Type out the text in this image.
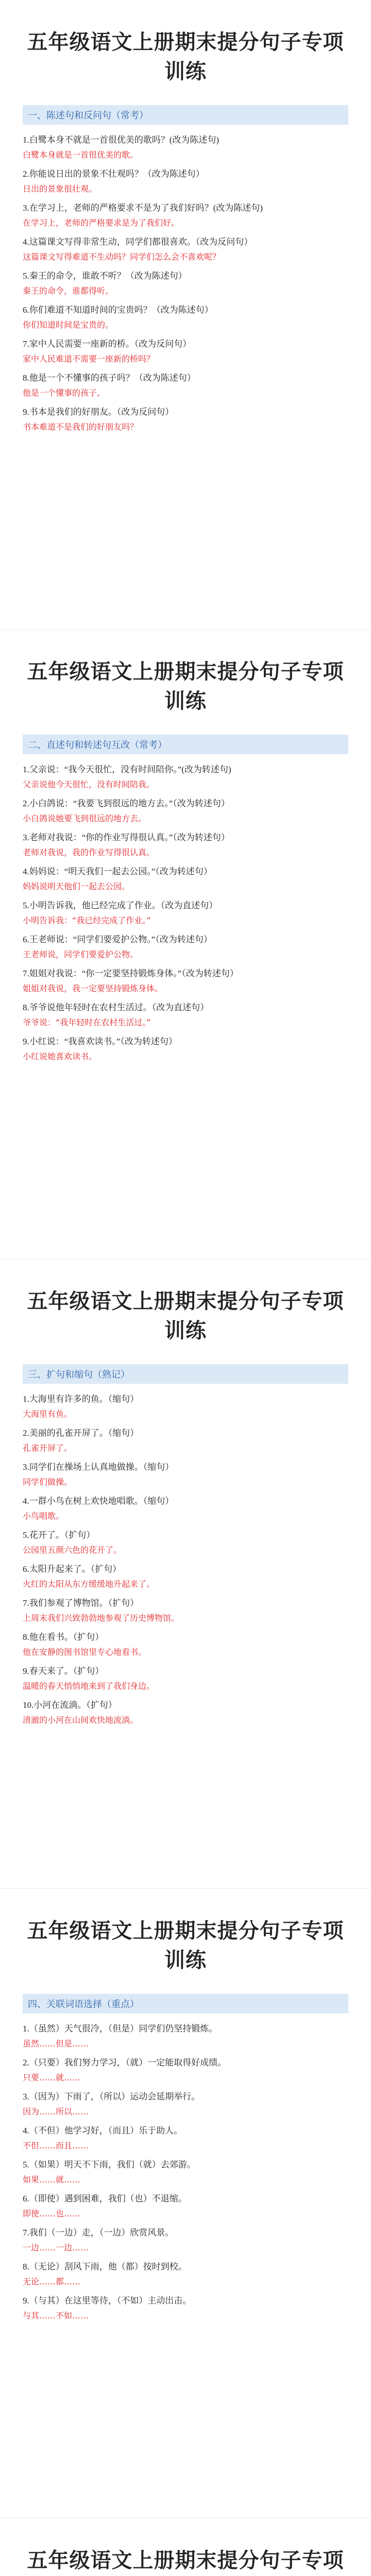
五年级语文上册期末提分句子专项训练
一、陈述句和反问句（常考）
1.白鹭本身不就是一首很优美的歌吗？(改为陈述句)
白鹭本身就是一首很优美的歌。
2.你能说日出的景象不壮观吗？（改为陈述句）
日出的景象很壮观。
3.在学习上，老师的严格要求不是为了我们好吗？(改为陈述句)
在学习上，老师的严格要求是为了我们好。
4.这篇课文写得非常生动，同学们都很喜欢。（改为反问句）
这篇课文写得难道不生动吗？同学们怎么会不喜欢呢？
5.秦王的命令，谁敢不听？（改为陈述句）
秦王的命令，谁都得听。
6.你们难道不知道时间的宝贵吗？（改为陈述句）
你们知道时间是宝贵的。
7.家中人民需要一座新的桥。（改为反问句）
家中人民难道不需要一座新的桥吗？
8.他是一个不懂事的孩子吗？（改为陈述句）
他是一个懂事的孩子。
9.书本是我们的好朋友。（改为反问句）
书本难道不是我们的好朋友吗？
五年级语文上册期末提分句子专项训练
二、直述句和转述句互改（常考）
1.父亲说：“我今天很忙，没有时间陪你。”(改为转述句)
父亲说他今天很忙，没有时间陪我。
2.小白鸽说：“我要飞到很远的地方去。”（改为转述句）
小白鸽说她要飞到很远的地方去。
3.老师对我说：“你的作业写得很认真。”（改为转述句）
老师对我说，我的作业写得很认真。
4.妈妈说：“明天我们一起去公园。”（改为转述句）
妈妈说明天他们一起去公园。
5.小明告诉我，他已经完成了作业。（改为直述句）
小明告诉我：“我已经完成了作业。”
6.王老师说：“同学们要爱护公物。”（改为转述句）
王老师说，同学们要爱护公物。
7.姐姐对我说：“你一定要坚持锻炼身体。”（改为转述句）
姐姐对我说，我一定要坚持锻炼身体。
8.爷爷说他年轻时在农村生活过。（改为直述句）
爷爷说：“我年轻时在农村生活过。”
9.小红说：“我喜欢读书。”（改为转述句）
小红说她喜欢读书。
五年级语文上册期末提分句子专项训练
三、扩句和缩句（熟记）
1.大海里有许多的鱼。（缩句）
大海里有鱼。
2.美丽的孔雀开屏了。（缩句）
孔雀开屏了。
3.同学们在操场上认真地做操。（缩句）
同学们做操。
4.一群小鸟在树上欢快地唱歌。（缩句）
小鸟唱歌。
5.花开了。（扩句）
公园里五颜六色的花开了。
6.太阳升起来了。（扩句）
火红的太阳从东方缓缓地升起来了。
7.我们参观了博物馆。（扩句）
上周末我们兴致勃勃地参观了历史博物馆。
8.他在看书。（扩句）
他在安静的图书馆里专心地看书。
9.春天来了。（扩句）
温暖的春天悄悄地来到了我们身边。
10.小河在流淌。（扩句）
清澈的小河在山间欢快地流淌。
五年级语文上册期末提分句子专项训练
四、关联词语选择（重点）
1.（虽然）天气很冷，（但是）同学们仍坚持锻炼。
虽然……但是……
2.（只要）我们努力学习，（就）一定能取得好成绩。
只要……就……
3.（因为）下雨了，（所以）运动会延期举行。
因为……所以……
4.（不但）他学习好，（而且）乐于助人。
不但……而且……
5.（如果）明天不下雨，我们（就）去郊游。
如果……就……
6.（即使）遇到困难，我们（也）不退缩。
即使……也……
7.我们（一边）走，（一边）欣赏风景。
一边……一边……
8.（无论）刮风下雨，他（都）按时到校。
无论……都……
9.（与其）在这里等待，（不如）主动出击。
与其……不如……
五年级语文上册期末提分句子专项
